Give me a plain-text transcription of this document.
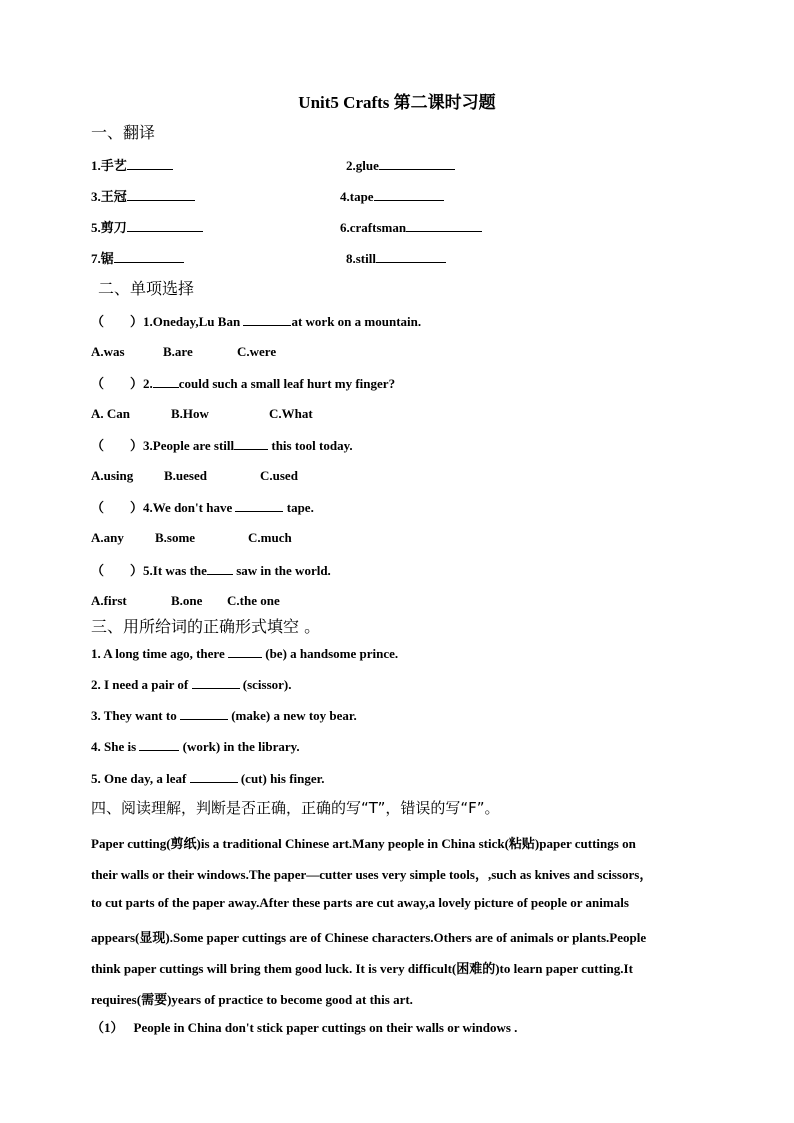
Unit5 Crafts 第二课时习题
一、翻译
1.手艺	2.glue
3.王冠	4.tape
5.剪刀	6.craftsman
7.锯	8.still
二、单项选择
（　　）1.Oneday,Lu Ban	at work on a mountain.
A.was	B.are	C.were
（　　）2. could such a small leaf hurt my finger?
A. Can	B.How	C.What
（　　）3.People are still	this tool today.
A.using B.uesed	C.used
（　　）4.We don't have	tape.
A.any B.some	C.much
（　　）5.It was the saw in the world.
A.first	B.one C.the one
三、用所给词的正确形式填空 。
1. A long time ago, there	(be) a handsome prince.
2. I need a pair of	(scissor).
3. They want to	(make) a new toy bear.
4. She is	(work) in the library.
5. One day, a leaf	(cut) his finger.
四、阅读理解，判断是否正确，正确的写“T”，错误的写“F”。
Paper cutting(剪纸)is a traditional Chinese art.Many people in China stick(粘贴)paper cuttings on
their walls or their windows.The paper—cutter uses very simple tools，,such as knives and scissors，
to cut parts of the paper away.After these parts are cut away,a lovely picture of people or animals
appears(显现).Some paper cuttings are of Chinese characters.Others are of animals or plants.People
think paper cuttings will bring them good luck. It is very difficult(困难的)to learn paper cutting.It
requires(需要)years of practice to become good at this art.
（1） People in China don't stick paper cuttings on their walls or windows .
